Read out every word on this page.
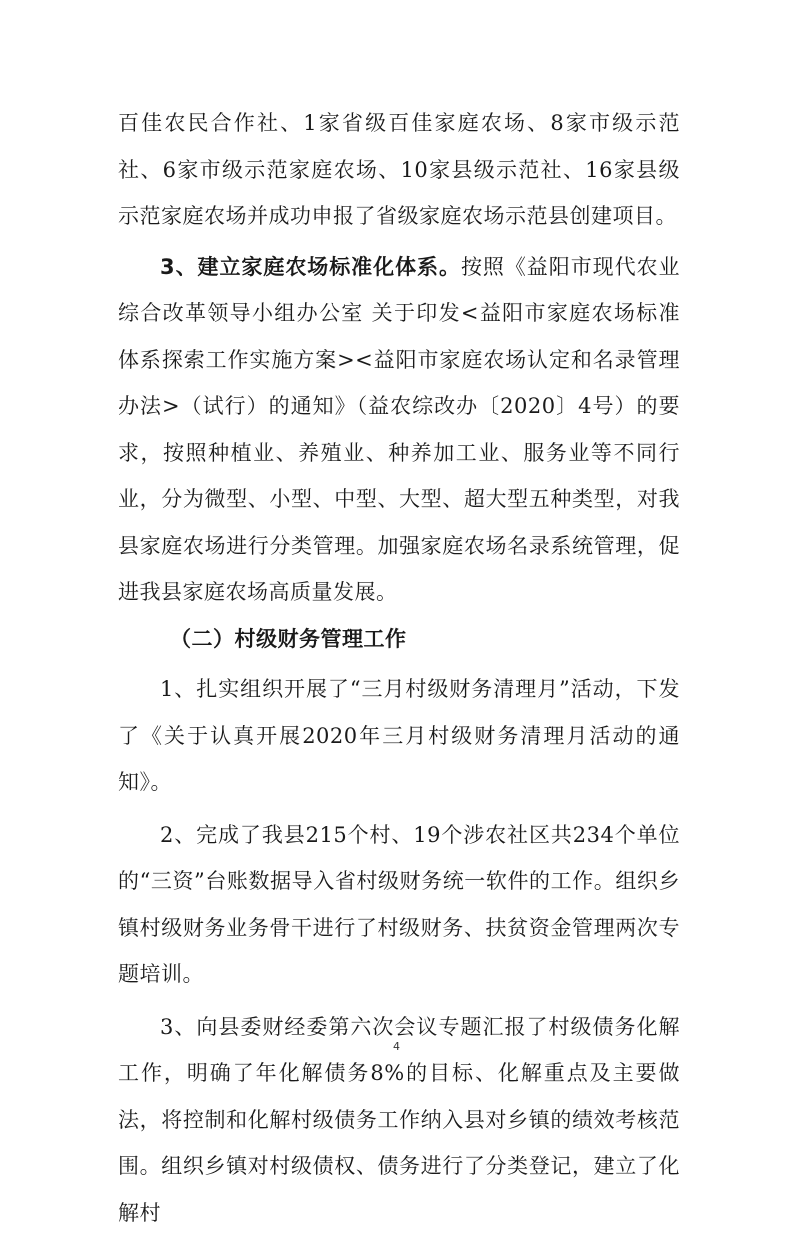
百佳农民合作社、1家省级百佳家庭农场、8家市级示范社、6家市级示范家庭农场、10家县级示范社、16家县级示范家庭农场并成功申报了省级家庭农场示范县创建项目。

3、建立家庭农场标准化体系。按照《益阳市现代农业综合改革领导小组办公室 关于印发<益阳市家庭农场标准体系探索工作实施方案><益阳市家庭农场认定和名录管理办法>（试行）的通知》（益农综改办〔2020〕4号）的要求，按照种植业、养殖业、种养加工业、服务业等不同行业，分为微型、小型、中型、大型、超大型五种类型，对我县家庭农场进行分类管理。加强家庭农场名录系统管理，促进我县家庭农场高质量发展。

（二）村级财务管理工作

1、扎实组织开展了“三月村级财务清理月”活动，下发了《关于认真开展2020年三月村级财务清理月活动的通知》。

2、完成了我县215个村、19个涉农社区共234个单位的“三资”台账数据导入省村级财务统一软件的工作。组织乡镇村级财务业务骨干进行了村级财务、扶贫资金管理两次专题培训。

3、向县委财经委第六次会议专题汇报了村级债务化解工作，明确了年化解债务8%的目标、化解重点及主要做法，将控制和化解村级债务工作纳入县对乡镇的绩效考核范围。组织乡镇对村级债权、债务进行了分类登记，建立了化解村

4
